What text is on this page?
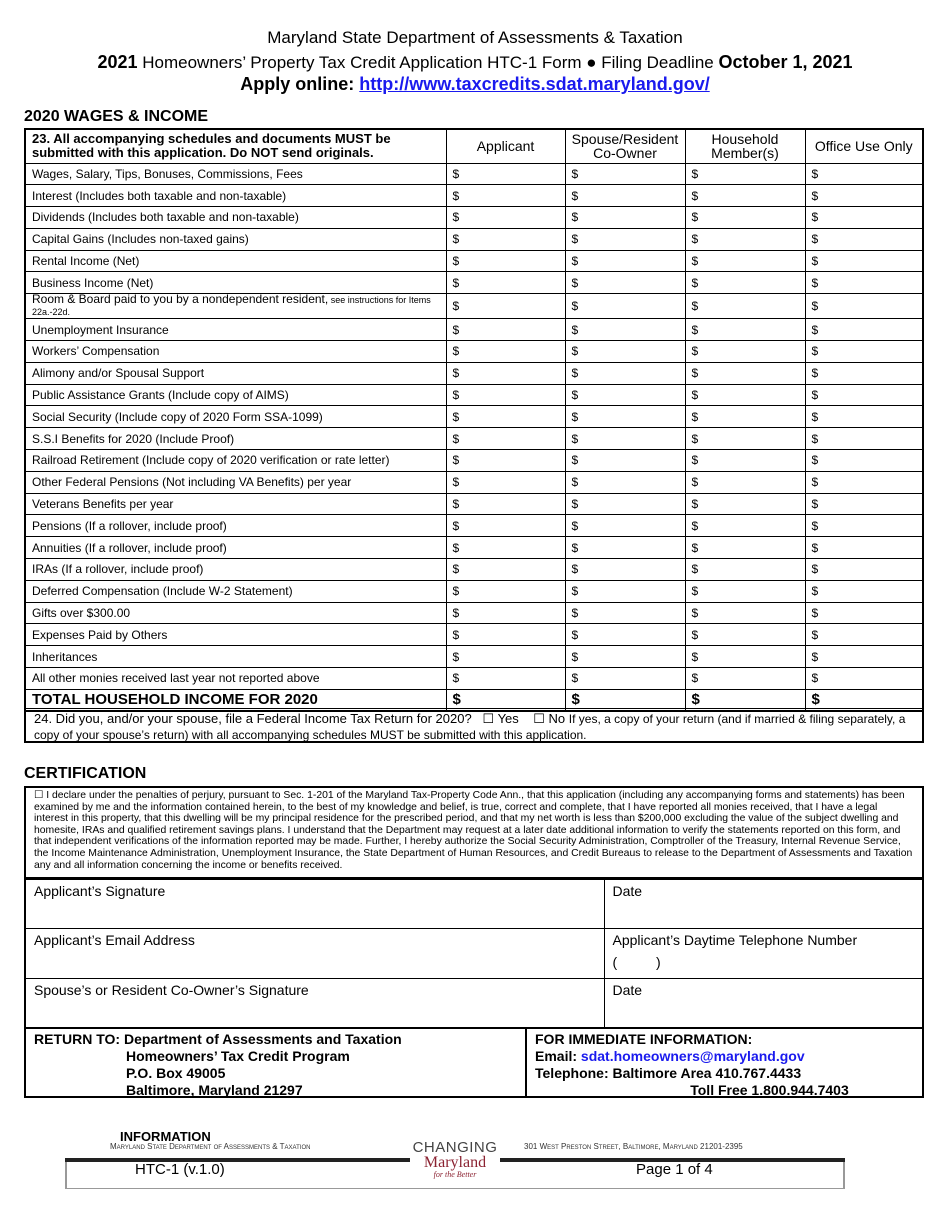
Maryland State Department of Assessments & Taxation
2021 Homeowners’ Property Tax Credit Application HTC-1 Form ● Filing Deadline October 1, 2021
Apply online: http://www.taxcredits.sdat.maryland.gov/
2020 WAGES & INCOME
23. All accompanying schedules and documents MUST be submitted with this application. Do NOT send originals.	Applicant	Spouse/Resident Co-Owner	Household Member(s)	Office Use Only
Wages, Salary, Tips, Bonuses, Commissions, Fees	$	$	$	$
Interest (Includes both taxable and non-taxable)	$	$	$	$
Dividends (Includes both taxable and non-taxable)	$	$	$	$
Capital Gains (Includes non-taxed gains)	$	$	$	$
Rental Income (Net)	$	$	$	$
Business Income (Net)	$	$	$	$
Room & Board paid to you by a nondependent resident, see instructions for Items 22a.-22d.	$	$	$	$
Unemployment Insurance	$	$	$	$
Workers’ Compensation	$	$	$	$
Alimony and/or Spousal Support	$	$	$	$
Public Assistance Grants (Include copy of AIMS)	$	$	$	$
Social Security (Include copy of 2020 Form SSA-1099)	$	$	$	$
S.S.I Benefits for 2020 (Include Proof)	$	$	$	$
Railroad Retirement (Include copy of 2020 verification or rate letter)	$	$	$	$
Other Federal Pensions (Not including VA Benefits) per year	$	$	$	$
Veterans Benefits per year	$	$	$	$
Pensions (If a rollover, include proof)	$	$	$	$
Annuities (If a rollover, include proof)	$	$	$	$
IRAs (If a rollover, include proof)	$	$	$	$
Deferred Compensation (Include W-2 Statement)	$	$	$	$
Gifts over $300.00	$	$	$	$
Expenses Paid by Others	$	$	$	$
Inheritances	$	$	$	$
All other monies received last year not reported above	$	$	$	$
TOTAL HOUSEHOLD INCOME FOR 2020	$	$	$	$
24. Did you, and/or your spouse, file a Federal Income Tax Return for 2020? ☐ Yes ☐ No If yes, a copy of your return (and if married & filing separately, a copy of your spouse’s return) with all accompanying schedules MUST be submitted with this application.
CERTIFICATION
☐ I declare under the penalties of perjury, pursuant to Sec. 1-201 of the Maryland Tax-Property Code Ann., that this application (including any accompanying forms and statements) has been examined by me and the information contained herein, to the best of my knowledge and belief, is true, correct and complete, that I have reported all monies received, that I have a legal interest in this property, that this dwelling will be my principal residence for the prescribed period, and that my net worth is less than $200,000 excluding the value of the subject dwelling and homesite, IRAs and qualified retirement savings plans. I understand that the Department may request at a later date additional information to verify the statements reported on this form, and that independent verifications of the information reported may be made. Further, I hereby authorize the Social Security Administration, Comptroller of the Treasury, Internal Revenue Service, the Income Maintenance Administration, Unemployment Insurance, the State Department of Human Resources, and Credit Bureaus to release to the Department of Assessments and Taxation any and all information concerning the income or benefits received.
Applicant’s Signature	Date
Applicant’s Email Address	Applicant’s Daytime Telephone Number
(          )
Spouse’s or Resident Co-Owner’s Signature	Date
RETURN TO: Department of Assessments and Taxation
Homeowners’ Tax Credit Program
P.O. Box 49005
Baltimore, Maryland 21297
FOR IMMEDIATE INFORMATION:
Email: sdat.homeowners@maryland.gov
Telephone: Baltimore Area 410.767.4433
Toll Free 1.800.944.7403
INFORMATION
Maryland State Department of Assessments & Taxation	301 West Preston Street, Baltimore, Maryland 21201-2395
HTC-1 (v.1.0)	Page 1 of 4
CHANGING
Maryland
for the Better
